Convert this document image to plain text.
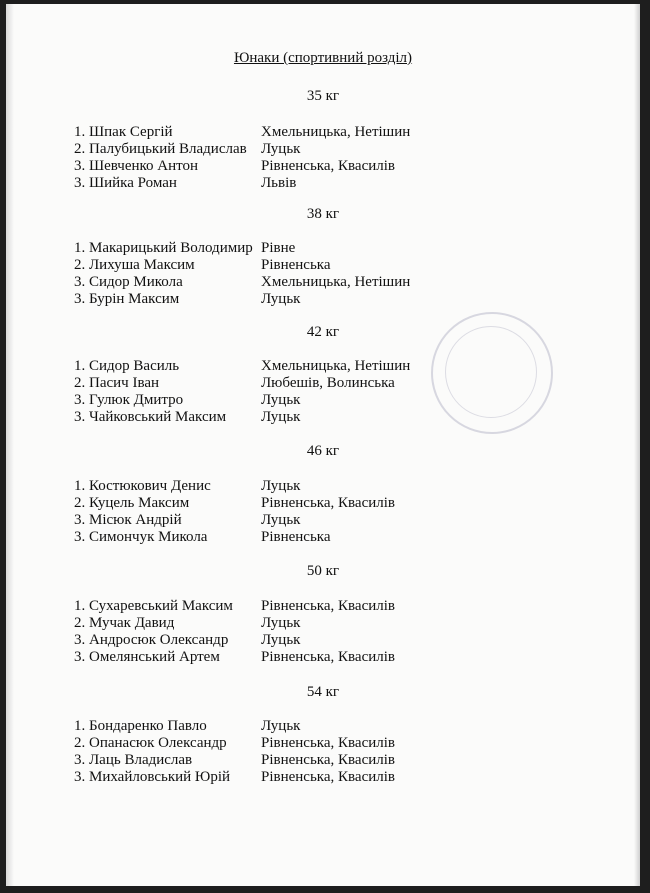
Юнаки (спортивний розділ)
35 кг
1. Шпак Сергій	Хмельницька, Нетішин
2. Палубицький Владислав Луцьк
3. Шевченко Антон	Рівненська, Квасилів
3. Шийка Роман	Львів
38 кг
1. Макарицький Володимир Рівне
2. Лихуша Максим	Рівненська
3. Сидор Микола	Хмельницька, Нетішин
3. Бурін Максим	Луцьк
42 кг
1. Сидор Василь	Хмельницька, Нетішин
2. Пасич Іван	Любешів, Волинська
3. Гулюк Дмитро	Луцьк
3. Чайковський Максим Луцьк
46 кг
1. Костюкович Денис	Луцьк
2. Куцель Максим	Рівненська, Квасилів
3. Місюк Андрій	Луцьк
3. Симончук Микола	Рівненська
50 кг
1. Сухаревський Максим Рівненська, Квасилів
2. Мучак Давид	Луцьк
3. Андросюк Олександр Луцьк
3. Омелянський Артем	Рівненська, Квасилів
54 кг
1. Бондаренко Павло	Луцьк
2. Опанасюк Олександр Рівненська, Квасилів
3. Лаць Владислав	Рівненська, Квасилів
3. Михайловський Юрій Рівненська, Квасилів
